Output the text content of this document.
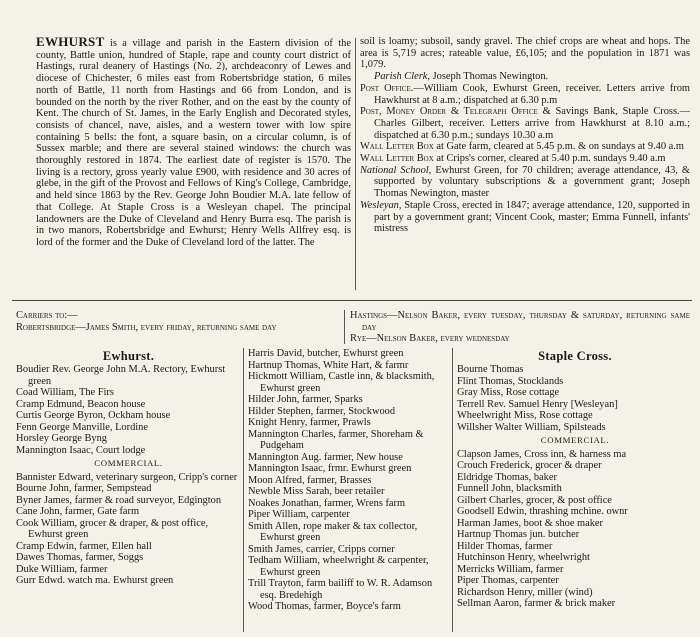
EWHURST is a village and parish in the Eastern division of the county, Battle union, hundred of Staple, rape and county court district of Hastings, rural deanery of Hastings (No. 2), archdeaconry of Lewes and diocese of Chichester, 6 miles east from Robertsbridge station, 6 miles north of Battle, 11 north from Hastings and 66 from London, and is bounded on the north by the river Rother, and on the east by the county of Kent. The church of St. James, in the Early English and Decorated styles, consists of chancel, nave, aisles, and a western tower with low spire containing 5 bells: the font, a square basin, on a circular column, is of Sussex marble; and there are several stained windows: the church was thoroughly restored in 1874. The earliest date of register is 1570. The living is a rectory, gross yearly value £900, with residence and 30 acres of glebe, in the gift of the Provost and Fellows of King's College, Cambridge, and held since 1863 by the Rev. George John Boudier M.A. late fellow of that College. At Staple Cross is a Wesleyan chapel. The principal landowners are the Duke of Cleveland and Henry Burra esq. The parish is in two manors, Robertsbridge and Ewhurst; Henry Wells Allfrey esq. is lord of the former and the Duke of Cleveland lord of the latter. The

soil is loamy; subsoil, sandy gravel. The chief crops are wheat and hops. The area is 5,719 acres; rateable value, £6,105; and the population in 1871 was 1,079.

Parish Clerk, Joseph Thomas Newington.

Post Office.—William Cook, Ewhurst Green, receiver. Letters arrive from Hawkhurst at 8 a.m.; dispatched at 6.30 p.m

Post, Money Order & Telegraph Office & Savings Bank, Staple Cross.—Charles Gilbert, receiver. Letters arrive from Hawkhurst at 8.10 a.m.; dispatched at 6.30 p.m.; sundays 10.30 a.m

Wall Letter Box at Gate farm, cleared at 5.45 p.m. & on sundays at 9.40 a.m

Wall Letter Box at Crips's corner, cleared at 5.40 p.m. sundays 9.40 a.m

National School, Ewhurst Green, for 70 children; average attendance, 43, & supported by voluntary subscriptions & a government grant; Joseph Thomas Newington, master

Wesleyan, Staple Cross, erected in 1847; average attendance, 120, supported in part by a government grant; Vincent Cook, master; Emma Funnell, infants' mistress

Carriers to:—

Robertsbridge—James Smith, every friday, returning same day

Hastings—Nelson Baker, every tuesday, thursday & saturday, returning same day

Rye—Nelson Baker, every wednesday

Ewhurst.

Boudier Rev. George John M.A. Rectory, Ewhurst green

Coad William, The Firs

Cramp Edmund, Beacon house

Curtis George Byron, Ockham house

Fenn George Manville, Lordine

Horsley George Byng

Mannington Isaac, Court lodge

COMMERCIAL.

Bannister Edward, veterinary surgeon, Cripp's corner

Bourne John, farmer, Sempstead

Byner James, farmer & road surveyor, Edgington

Cane John, farmer, Gate farm

Cook William, grocer & draper, & post office, Ewhurst green

Cramp Edwin, farmer, Ellen hall

Dawes Thomas, farmer, Soggs

Duke William, farmer

Gurr Edwd. watch ma. Ewhurst green

Harris David, butcher, Ewhurst green

Hartnup Thomas, White Hart, & farmr

Hickmott William, Castle inn, & blacksmith, Ewhurst green

Hilder John, farmer, Sparks

Hilder Stephen, farmer, Stockwood

Knight Henry, farmer, Prawls

Mannington Charles, farmer, Shoreham & Pudgeham

Mannington Aug. farmer, New house

Mannington Isaac, frmr. Ewhurst green

Moon Alfred, farmer, Brasses

Newble Miss Sarah, beer retailer

Noakes Jonathan, farmer, Wrens farm

Piper William, carpenter

Smith Allen, rope maker & tax collector, Ewhurst green

Smith James, carrier, Cripps corner

Tedham William, wheelwright & carpenter, Ewhurst green

Trill Trayton, farm bailiff to W. R. Adamson esq. Bredehigh

Wood Thomas, farmer, Boyce's farm

Staple Cross.

Bourne Thomas

Flint Thomas, Stocklands

Gray Miss, Rose cottage

Terrell Rev. Samuel Henry [Wesleyan]

Wheelwright Miss, Rose cottage

Willsher Walter William, Spilsteads

COMMERCIAL.

Clapson James, Cross inn, & harness ma

Crouch Frederick, grocer & draper

Eldridge Thomas, baker

Funnell John, blacksmith

Gilbert Charles, grocer, & post office

Goodsell Edwin, thrashing mchine. ownr

Harman James, boot & shoe maker

Hartnup Thomas jun. butcher

Hilder Thomas, farmer

Hutchinson Henry, wheelwright

Merricks William, farmer

Piper Thomas, carpenter

Richardson Henry, miller (wind)

Sellman Aaron, farmer & brick maker
